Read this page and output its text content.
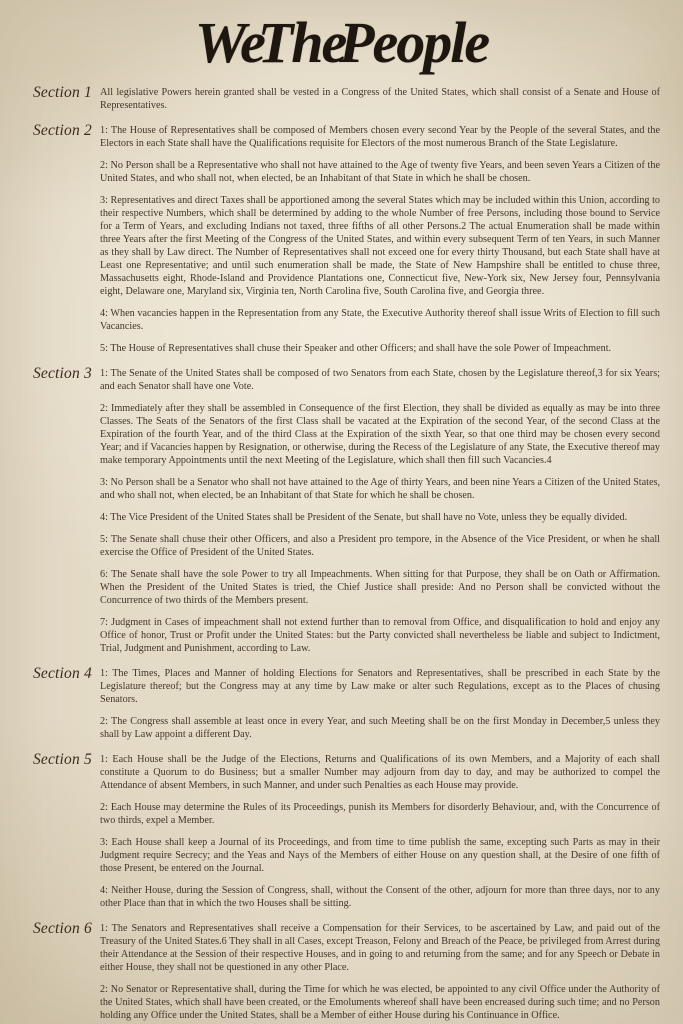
We The People
Section 1 All legislative Powers herein granted shall be vested in a Congress of the United States, which shall consist of a Senate and House of Representatives.

Section 2 1: The House of Representatives shall be composed of Members chosen every second Year by the People of the several States, and the Electors in each State shall have the Qualifications requisite for Electors of the most numerous Branch of the State Legislature.

2: No Person shall be a Representative who shall not have attained to the Age of twenty five Years, and been seven Years a Citizen of the United States, and who shall not, when elected, be an Inhabitant of that State in which he shall be chosen.

3: Representatives and direct Taxes shall be apportioned among the several States which may be included within this Union, according to their respective Numbers, which shall be determined by adding to the whole Number of free Persons, including those bound to Service for a Term of Years, and excluding Indians not taxed, three fifths of all other Persons.2 The actual Enumeration shall be made within three Years after the first Meeting of the Congress of the United States, and within every subsequent Term of ten Years, in such Manner as they shall by Law direct. The Number of Representatives shall not exceed one for every thirty Thousand, but each State shall have at Least one Representative; and until such enumeration shall be made, the State of New Hampshire shall be entitled to chuse three, Massachusetts eight, Rhode-Island and Providence Plantations one, Connecticut five, New-York six, New Jersey four, Pennsylvania eight, Delaware one, Maryland six, Virginia ten, North Carolina five, South Carolina five, and Georgia three.

4: When vacancies happen in the Representation from any State, the Executive Authority thereof shall issue Writs of Election to fill such Vacancies.

5: The House of Representatives shall chuse their Speaker and other Officers; and shall have the sole Power of Impeachment.

Section 3 1: The Senate of the United States shall be composed of two Senators from each State, chosen by the Legislature thereof,3 for six Years; and each Senator shall have one Vote.

2: Immediately after they shall be assembled in Consequence of the first Election, they shall be divided as equally as may be into three Classes. The Seats of the Senators of the first Class shall be vacated at the Expiration of the second Year, of the second Class at the Expiration of the fourth Year, and of the third Class at the Expiration of the sixth Year, so that one third may be chosen every second Year; and if Vacancies happen by Resignation, or otherwise, during the Recess of the Legislature of any State, the Executive thereof may make temporary Appointments until the next Meeting of the Legislature, which shall then fill such Vacancies.4

3: No Person shall be a Senator who shall not have attained to the Age of thirty Years, and been nine Years a Citizen of the United States, and who shall not, when elected, be an Inhabitant of that State for which he shall be chosen.

4: The Vice President of the United States shall be President of the Senate, but shall have no Vote, unless they be equally divided.

5: The Senate shall chuse their other Officers, and also a President pro tempore, in the Absence of the Vice President, or when he shall exercise the Office of President of the United States.

6: The Senate shall have the sole Power to try all Impeachments. When sitting for that Purpose, they shall be on Oath or Affirmation. When the President of the United States is tried, the Chief Justice shall preside: And no Person shall be convicted without the Concurrence of two thirds of the Members present.

7: Judgment in Cases of impeachment shall not extend further than to removal from Office, and disqualification to hold and enjoy any Office of honor, Trust or Profit under the United States: but the Party convicted shall nevertheless be liable and subject to Indictment, Trial, Judgment and Punishment, according to Law.

Section 4 1: The Times, Places and Manner of holding Elections for Senators and Representatives, shall be prescribed in each State by the Legislature thereof; but the Congress may at any time by Law make or alter such Regulations, except as to the Places of chusing Senators.

2: The Congress shall assemble at least once in every Year, and such Meeting shall be on the first Monday in December,5 unless they shall by Law appoint a different Day.

Section 5 1: Each House shall be the Judge of the Elections, Returns and Qualifications of its own Members, and a Majority of each shall constitute a Quorum to do Business; but a smaller Number may adjourn from day to day, and may be authorized to compel the Attendance of absent Members, in such Manner, and under such Penalties as each House may provide.

2: Each House may determine the Rules of its Proceedings, punish its Members for disorderly Behaviour, and, with the Concurrence of two thirds, expel a Member.

3: Each House shall keep a Journal of its Proceedings, and from time to time publish the same, excepting such Parts as may in their Judgment require Secrecy; and the Yeas and Nays of the Members of either House on any question shall, at the Desire of one fifth of those Present, be entered on the Journal.

4: Neither House, during the Session of Congress, shall, without the Consent of the other, adjourn for more than three days, nor to any other Place than that in which the two Houses shall be sitting.

Section 6 1: The Senators and Representatives shall receive a Compensation for their Services, to be ascertained by Law, and paid out of the Treasury of the United States.6 They shall in all Cases, except Treason, Felony and Breach of the Peace, be privileged from Arrest during their Attendance at the Session of their respective Houses, and in going to and returning from the same; and for any Speech or Debate in either House, they shall not be questioned in any other Place.

2: No Senator or Representative shall, during the Time for which he was elected, be appointed to any civil Office under the Authority of the United States, which shall have been created, or the Emoluments whereof shall have been encreased during such time; and no Person holding any Office under the United States, shall be a Member of either House during his Continuance in Office.
